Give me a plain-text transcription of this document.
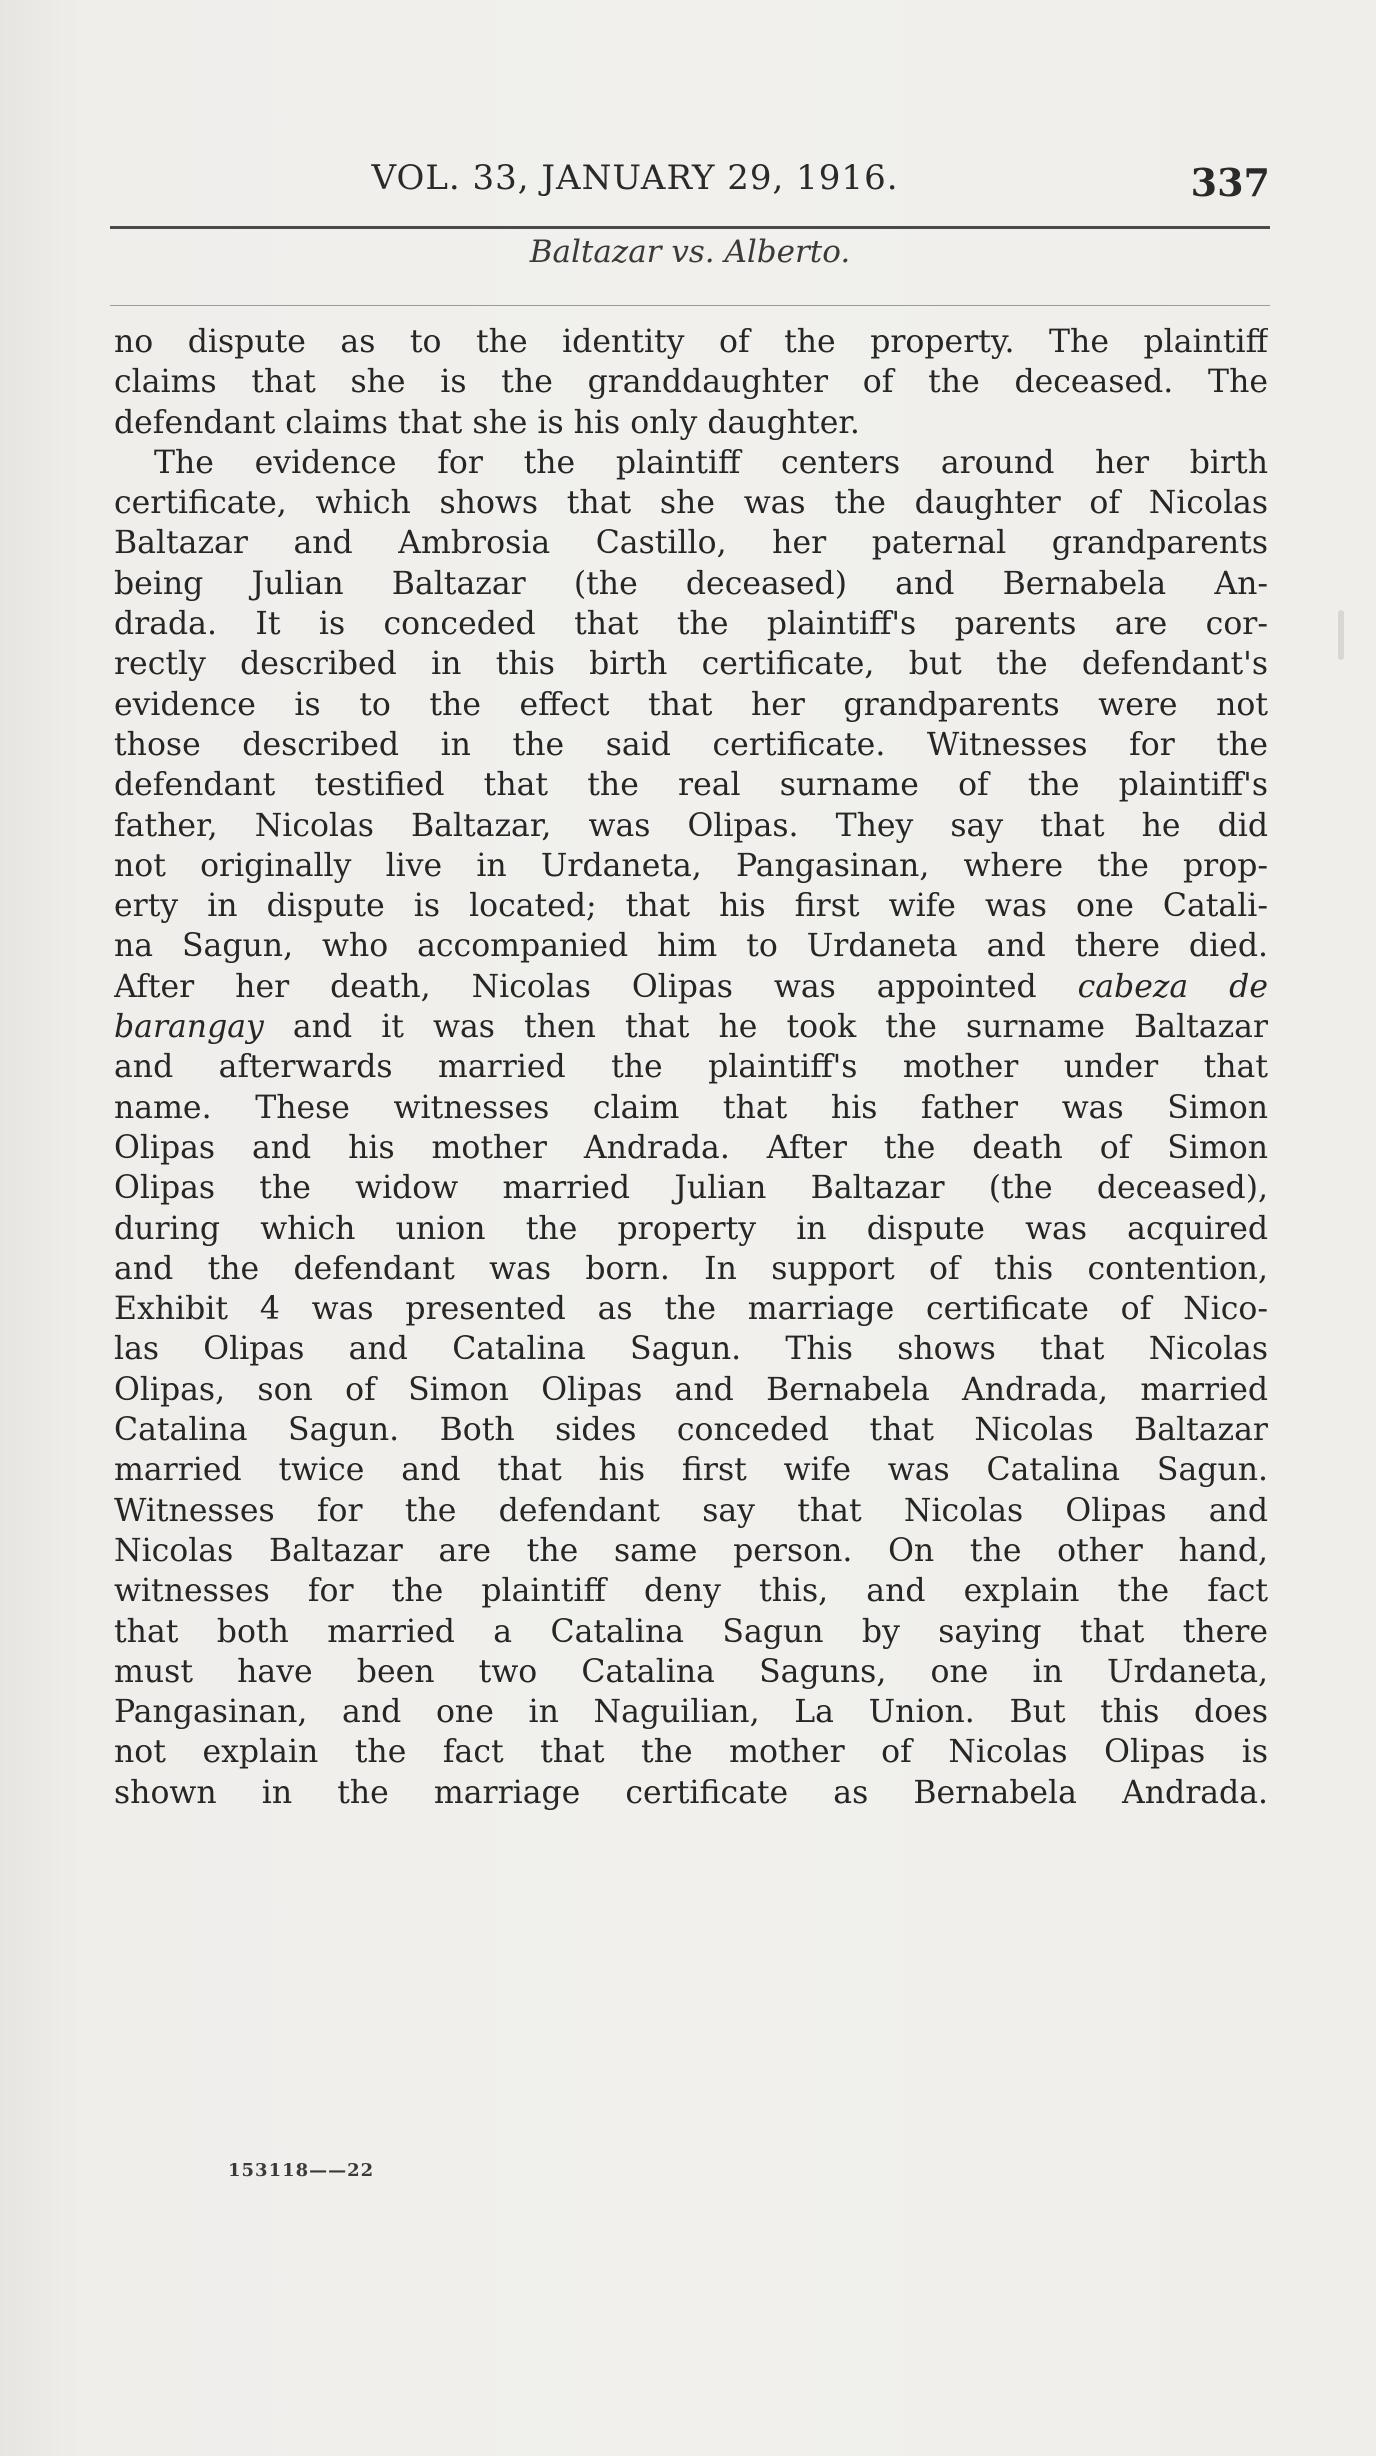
VOL. 33, JANUARY 29, 1916.	337
Baltazar vs. Alberto.
no dispute as to the identity of the property. The plaintiff
claims that she is the granddaughter of the deceased. The
defendant claims that she is his only daughter.
The evidence for the plaintiff centers around her birth
certificate, which shows that she was the daughter of Nicolas
Baltazar and Ambrosia Castillo, her paternal grandparents
being Julian Baltazar (the deceased) and Bernabela An-
drada. It is conceded that the plaintiff's parents are cor-
rectly described in this birth certificate, but the defendant's
evidence is to the effect that her grandparents were not
those described in the said certificate. Witnesses for the
defendant testified that the real surname of the plaintiff's
father, Nicolas Baltazar, was Olipas. They say that he did
not originally live in Urdaneta, Pangasinan, where the prop-
erty in dispute is located; that his first wife was one Catali-
na Sagun, who accompanied him to Urdaneta and there died.
After her death, Nicolas Olipas was appointed cabeza de
barangay and it was then that he took the surname Baltazar
and afterwards married the plaintiff's mother under that
name. These witnesses claim that his father was Simon
Olipas and his mother Andrada. After the death of Simon
Olipas the widow married Julian Baltazar (the deceased),
during which union the property in dispute was acquired
and the defendant was born. In support of this contention,
Exhibit 4 was presented as the marriage certificate of Nico-
las Olipas and Catalina Sagun. This shows that Nicolas
Olipas, son of Simon Olipas and Bernabela Andrada, married
Catalina Sagun. Both sides conceded that Nicolas Baltazar
married twice and that his first wife was Catalina Sagun.
Witnesses for the defendant say that Nicolas Olipas and
Nicolas Baltazar are the same person. On the other hand,
witnesses for the plaintiff deny this, and explain the fact
that both married a Catalina Sagun by saying that there
must have been two Catalina Saguns, one in Urdaneta,
Pangasinan, and one in Naguilian, La Union. But this does
not explain the fact that the mother of Nicolas Olipas is
shown in the marriage certificate as Bernabela Andrada.
153118——22
